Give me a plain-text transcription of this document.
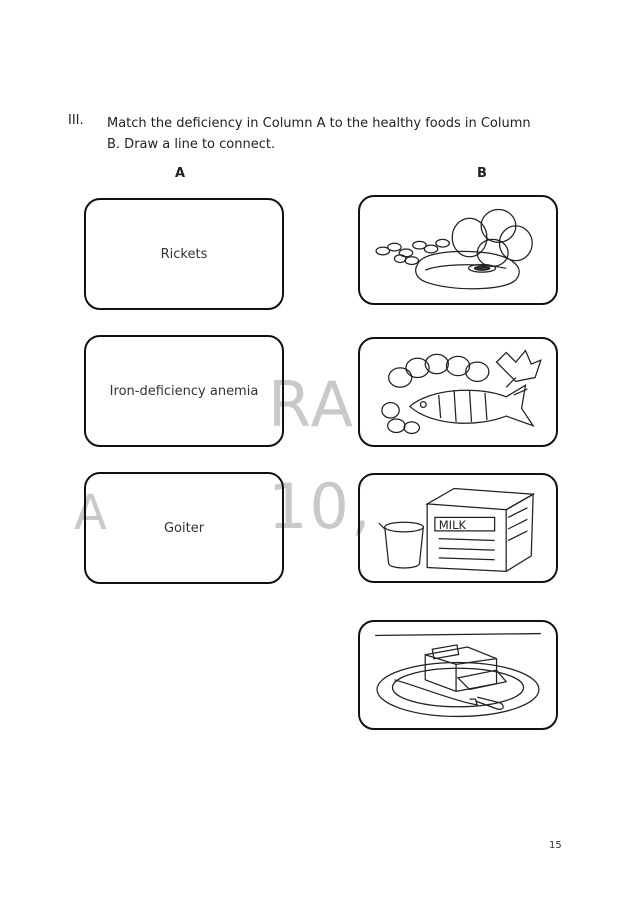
III. Match the deficiency in Column A to the healthy foods in Column B. Draw a line to connect.
A	B
RA
10,
A
Rickets
Iron-deficiency anemia
Goiter	MILK
15
